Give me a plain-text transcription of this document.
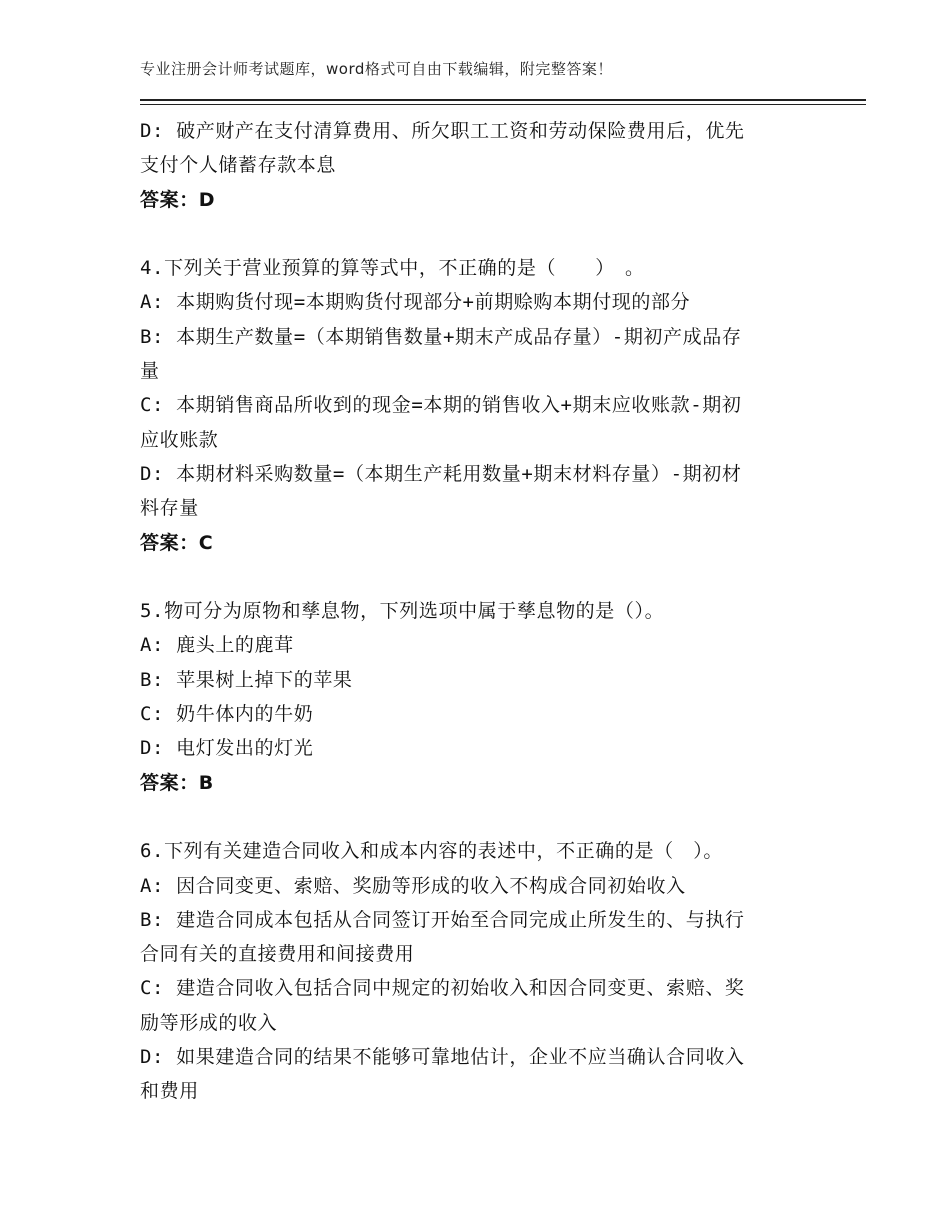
专业注册会计师考试题库，word格式可自由下载编辑，附完整答案！
D: 破产财产在支付清算费用、所欠职工工资和劳动保险费用后，优先
支付个人储蓄存款本息
答案：D
4.下列关于营业预算的算等式中，不正确的是（　　）　。
A: 本期购货付现=本期购货付现部分+前期赊购本期付现的部分
B: 本期生产数量=（本期销售数量+期末产成品存量）-期初产成品存
量
C: 本期销售商品所收到的现金=本期的销售收入+期末应收账款-期初
应收账款
D: 本期材料采购数量=（本期生产耗用数量+期末材料存量）-期初材
料存量
答案：C
5.物可分为原物和孳息物，下列选项中属于孳息物的是（）。
A: 鹿头上的鹿茸
B: 苹果树上掉下的苹果
C: 奶牛体内的牛奶
D: 电灯发出的灯光
答案：B
6.下列有关建造合同收入和成本内容的表述中，不正确的是（　）。
A: 因合同变更、索赔、奖励等形成的收入不构成合同初始收入
B: 建造合同成本包括从合同签订开始至合同完成止所发生的、与执行
合同有关的直接费用和间接费用
C: 建造合同收入包括合同中规定的初始收入和因合同变更、索赔、奖
励等形成的收入
D: 如果建造合同的结果不能够可靠地估计，企业不应当确认合同收入
和费用
